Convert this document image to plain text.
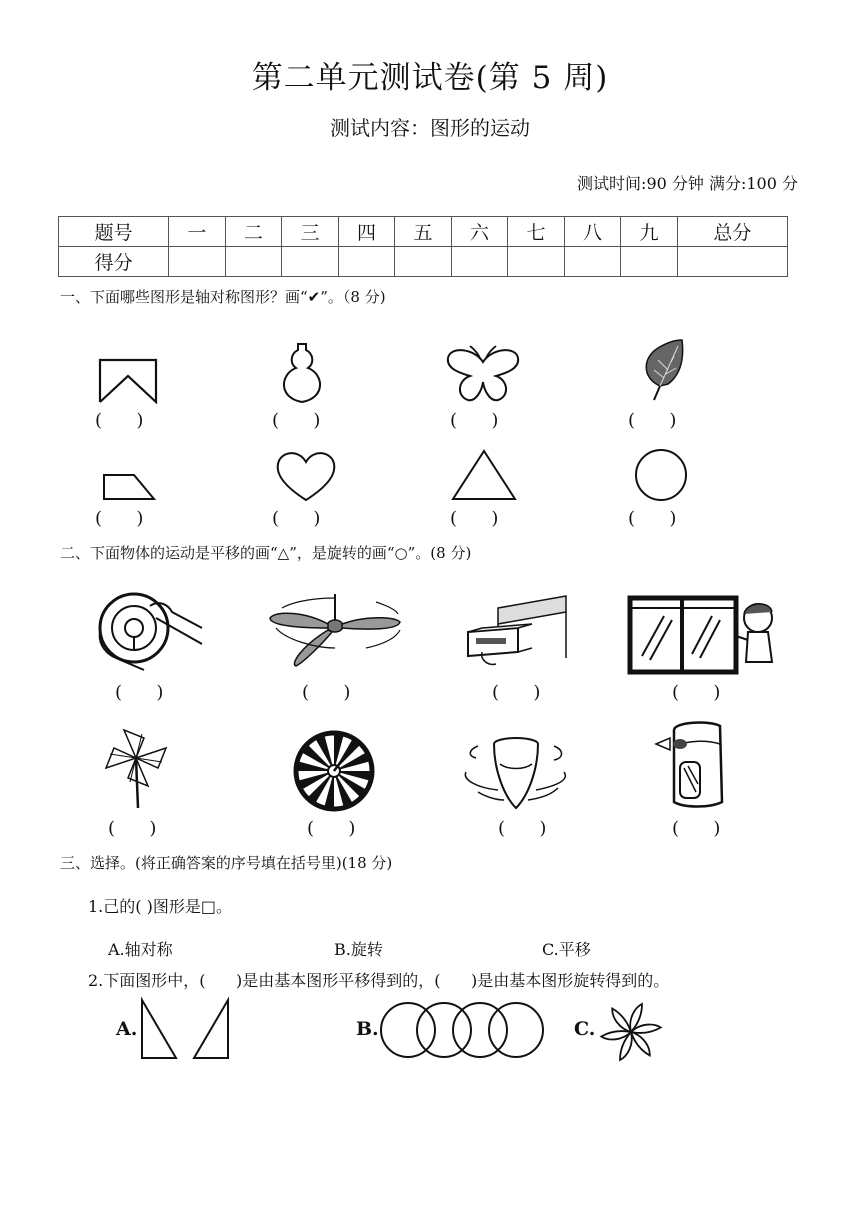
第二单元测试卷(第 5 周)
测试内容：图形的运动
测试时间:90 分钟 满分:100 分
题号	一	二	三	四	五	六	七	八	九	总分
得分										
一、下面哪些图形是轴对称图形？画“✔”。（8 分)
(      )	(      )	(      )	(      )
(      )	(      )	(      )	(      )
二、下面物体的运动是平移的画“△”，是旋转的画“○”。(8 分)
(      )	(      )	(      )	(      )
(      )	(      )	(      )	(      )
三、选择。(将正确答案的序号填在括号里)(18 分)
1.己的( )图形是□。
A.轴对称	B.旋转	C.平移
2.下面图形中，(      )是由基本图形平移得到的，(      )是由基本图形旋转得到的。
A.	B.	C.
